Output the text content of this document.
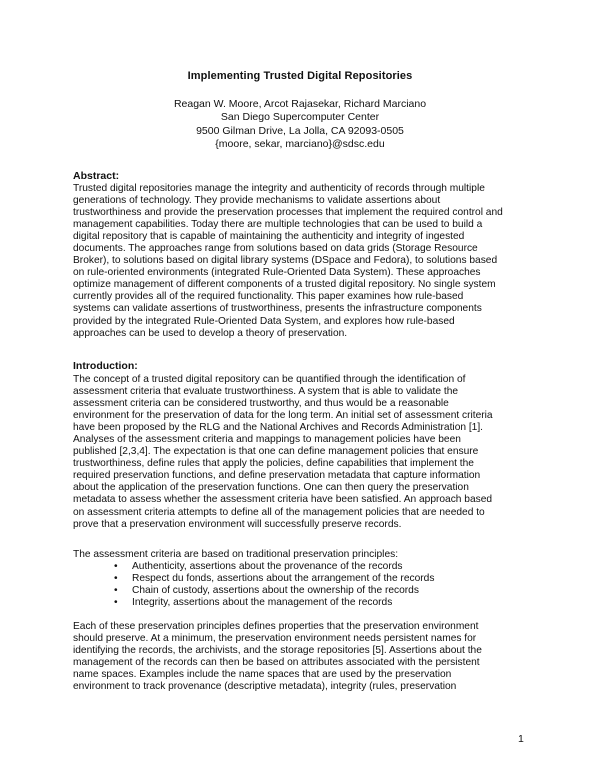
Implementing Trusted Digital Repositories
Reagan W. Moore, Arcot Rajasekar, Richard Marciano
San Diego Supercomputer Center
9500 Gilman Drive, La Jolla, CA 92093-0505
{moore, sekar, marciano}@sdsc.edu
Abstract:
Trusted digital repositories manage the integrity and authenticity of records through multiple
generations of technology. They provide mechanisms to validate assertions about
trustworthiness and provide the preservation processes that implement the required control and
management capabilities. Today there are multiple technologies that can be used to build a
digital repository that is capable of maintaining the authenticity and integrity of ingested
documents. The approaches range from solutions based on data grids (Storage Resource
Broker), to solutions based on digital library systems (DSpace and Fedora), to solutions based
on rule-oriented environments (integrated Rule-Oriented Data System). These approaches
optimize management of different components of a trusted digital repository. No single system
currently provides all of the required functionality. This paper examines how rule-based
systems can validate assertions of trustworthiness, presents the infrastructure components
provided by the integrated Rule-Oriented Data System, and explores how rule-based
approaches can be used to develop a theory of preservation.
Introduction:
The concept of a trusted digital repository can be quantified through the identification of
assessment criteria that evaluate trustworthiness. A system that is able to validate the
assessment criteria can be considered trustworthy, and thus would be a reasonable
environment for the preservation of data for the long term. An initial set of assessment criteria
have been proposed by the RLG and the National Archives and Records Administration [1].
Analyses of the assessment criteria and mappings to management policies have been
published [2,3,4]. The expectation is that one can define management policies that ensure
trustworthiness, define rules that apply the policies, define capabilities that implement the
required preservation functions, and define preservation metadata that capture information
about the application of the preservation functions. One can then query the preservation
metadata to assess whether the assessment criteria have been satisfied. An approach based
on assessment criteria attempts to define all of the management policies that are needed to
prove that a preservation environment will successfully preserve records.
The assessment criteria are based on traditional preservation principles:
• Authenticity, assertions about the provenance of the records
• Respect du fonds, assertions about the arrangement of the records
• Chain of custody, assertions about the ownership of the records
• Integrity, assertions about the management of the records
Each of these preservation principles defines properties that the preservation environment
should preserve. At a minimum, the preservation environment needs persistent names for
identifying the records, the archivists, and the storage repositories [5]. Assertions about the
management of the records can then be based on attributes associated with the persistent
name spaces. Examples include the name spaces that are used by the preservation
environment to track provenance (descriptive metadata), integrity (rules, preservation
1
